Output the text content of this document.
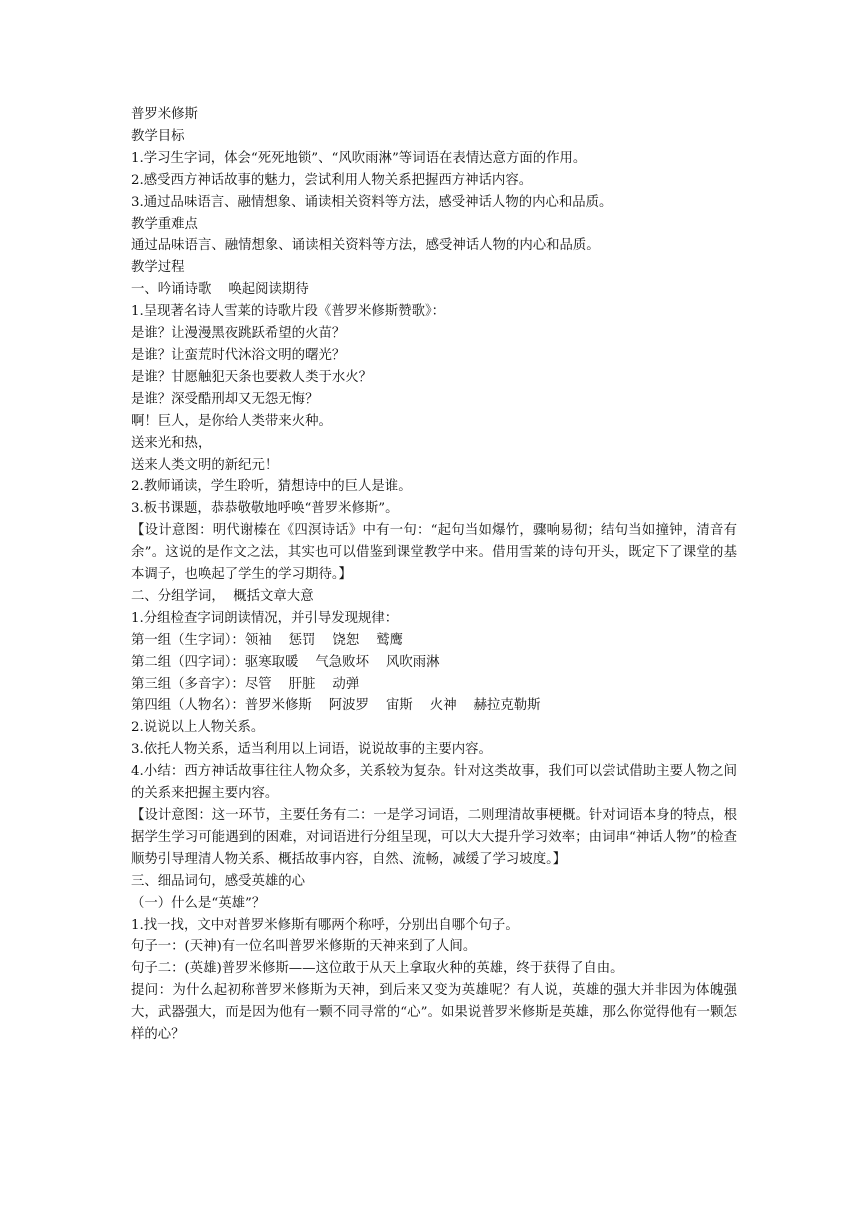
普罗米修斯
教学目标
1.学习生字词，体会“死死地锁”、“风吹雨淋”等词语在表情达意方面的作用。
2.感受西方神话故事的魅力，尝试利用人物关系把握西方神话内容。
3.通过品味语言、融情想象、诵读相关资料等方法，感受神话人物的内心和品质。
教学重难点
通过品味语言、融情想象、诵读相关资料等方法，感受神话人物的内心和品质。
教学过程
一、吟诵诗歌    唤起阅读期待
1.呈现著名诗人雪莱的诗歌片段《普罗米修斯赞歌》：
是谁？让漫漫黑夜跳跃希望的火苗？
是谁？让蛮荒时代沐浴文明的曙光？
是谁？甘愿触犯天条也要救人类于水火？
是谁？深受酷刑却又无怨无悔？
啊！巨人，是你给人类带来火种。
送来光和热，
送来人类文明的新纪元！
2.教师诵读，学生聆听，猜想诗中的巨人是谁。
3.板书课题，恭恭敬敬地呼唤“普罗米修斯”。
【设计意图：明代谢榛在《四溟诗话》中有一句：“起句当如爆竹，骤响易彻；结句当如撞钟，清音有余”。这说的是作文之法，其实也可以借鉴到课堂教学中来。借用雪莱的诗句开头，既定下了课堂的基本调子，也唤起了学生的学习期待。】
二、分组学词，  概括文章大意
1.分组检查字词朗读情况，并引导发现规律：
第一组（生字词）：领袖    惩罚    饶恕    鹫鹰
第二组（四字词）：驱寒取暖    气急败坏    风吹雨淋
第三组（多音字）：尽管    肝脏    动弹
第四组（人物名）：普罗米修斯    阿波罗    宙斯    火神    赫拉克勒斯
2.说说以上人物关系。
3.依托人物关系，适当利用以上词语，说说故事的主要内容。
4.小结：西方神话故事往往人物众多，关系较为复杂。针对这类故事，我们可以尝试借助主要人物之间的关系来把握主要内容。
【设计意图：这一环节，主要任务有二：一是学习词语，二则理清故事梗概。针对词语本身的特点，根据学生学习可能遇到的困难，对词语进行分组呈现，可以大大提升学习效率；由词串“神话人物”的检查顺势引导理清人物关系、概括故事内容，自然、流畅，减缓了学习坡度。】
三、细品词句，感受英雄的心
（一）什么是“英雄”？
1.找一找，文中对普罗米修斯有哪两个称呼，分别出自哪个句子。
句子一：(天神)有一位名叫普罗米修斯的天神来到了人间。
句子二：(英雄)普罗米修斯——这位敢于从天上拿取火种的英雄，终于获得了自由。
提问：为什么起初称普罗米修斯为天神，到后来又变为英雄呢？有人说，英雄的强大并非因为体魄强大，武器强大，而是因为他有一颗不同寻常的“心”。如果说普罗米修斯是英雄，那么你觉得他有一颗怎样的心？
